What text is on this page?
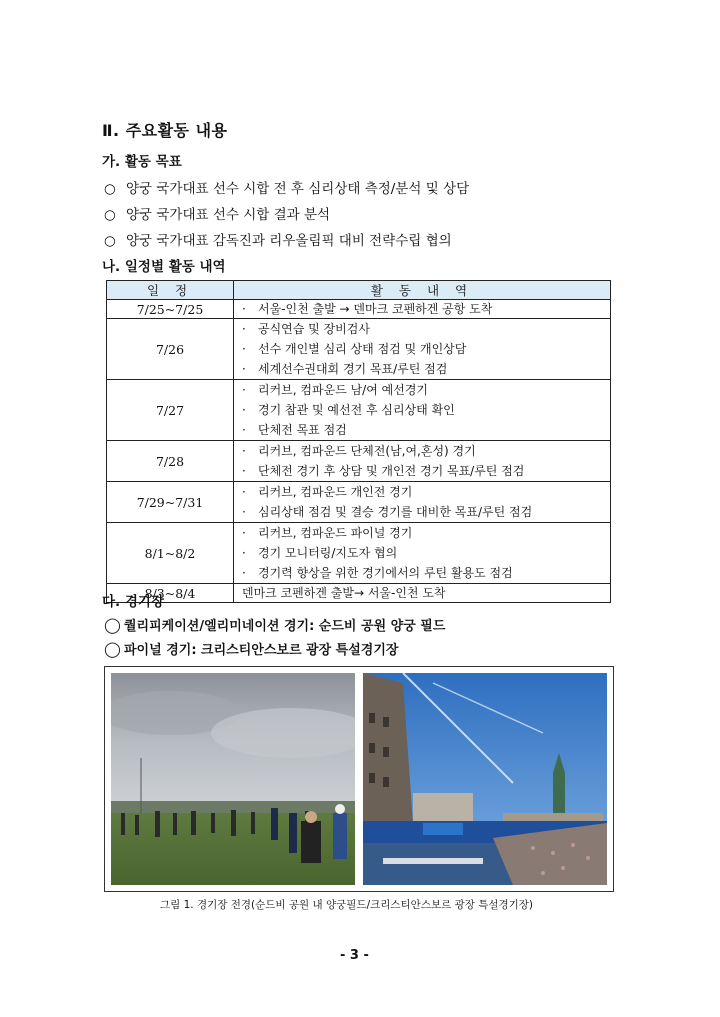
Ⅱ. 주요활동 내용
가. 활동 목표
○ 양궁 국가대표 선수 시합 전 후 심리상태 측정/분석 및 상담
○ 양궁 국가대표 선수 시합 결과 분석
○ 양궁 국가대표 감독진과 리우올림픽 대비 전략수립 협의
나. 일정별 활동 내역
일 정	활 동 내 역
7/25~7/25	· 서울-인천 출발 → 덴마크 코펜하겐 공항 도착

7/26	· 공식연습 및 장비검사
· 선수 개인별 심리 상태 점검 및 개인상담
· 세계선수권대회 경기 목표/루틴 점검

7/27	· 리커브, 컴파운드 남/여 예선경기
· 경기 참관 및 예선전 후 심리상태 확인
· 단체전 목표 점검

7/28	· 리커브, 컴파운드 단체전(남,여,혼성) 경기
· 단체전 경기 후 상담 및 개인전 경기 목표/루틴 점검

7/29~7/31	· 리커브, 컴파운드 개인전 경기
· 심리상태 점검 및 결승 경기를 대비한 목표/루틴 점검

8/1~8/2	· 리커브, 컴파운드 파이널 경기
· 경기 모니터링/지도자 협의
· 경기력 향상을 위한 경기에서의 루틴 활용도 점검

8/3~8/4	덴마크 코펜하겐 출발→ 서울-인천 도착
다. 경기장
◯ 퀄리피케이션/엘리미네이션 경기: 순드비 공원 양궁 필드
◯ 파이널 경기: 크리스티안스보르 광장 특설경기장
그림 1. 경기장 전경(순드비 공원 내 양궁필드/크리스티안스보르 광장 특설경기장)
- 3 -
